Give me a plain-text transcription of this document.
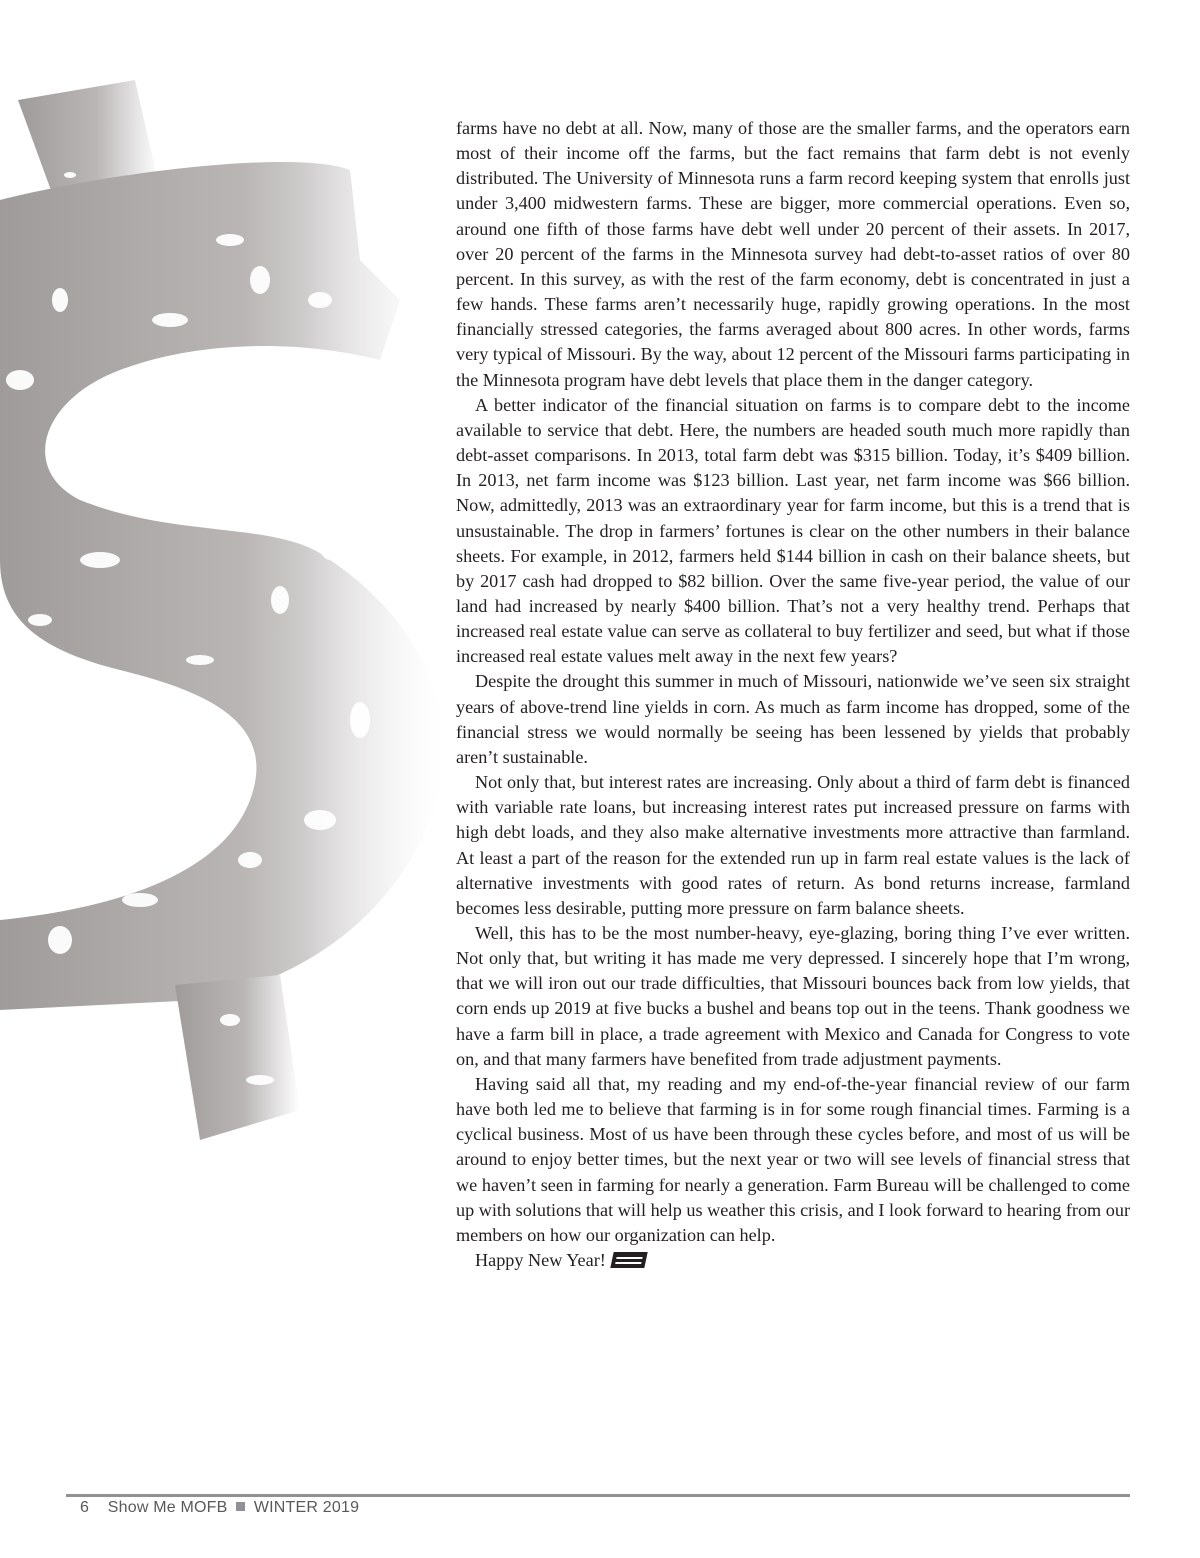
farms have no debt at all. Now, many of those are the smaller farms, and the operators earn most of their income off the farms, but the fact remains that farm debt is not evenly distributed. The University of Minnesota runs a farm record keeping system that enrolls just under 3,400 midwestern farms. These are bigger, more commercial operations. Even so, around one fifth of those farms have debt well under 20 percent of their assets. In 2017, over 20 percent of the farms in the Minnesota survey had debt-to-asset ratios of over 80 percent. In this survey, as with the rest of the farm economy, debt is concentrated in just a few hands. These farms aren’t necessarily huge, rapidly growing operations. In the most financially stressed categories, the farms averaged about 800 acres. In other words, farms very typical of Missouri. By the way, about 12 percent of the Missouri farms participating in the Minnesota program have debt levels that place them in the danger category.

A better indicator of the financial situation on farms is to compare debt to the income available to service that debt. Here, the numbers are headed south much more rapidly than debt-asset comparisons. In 2013, total farm debt was $315 billion. Today, it’s $409 billion. In 2013, net farm income was $123 billion. Last year, net farm income was $66 billion. Now, admittedly, 2013 was an extraordinary year for farm income, but this is a trend that is unsustainable. The drop in farmers’ fortunes is clear on the other numbers in their balance sheets. For example, in 2012, farmers held $144 billion in cash on their balance sheets, but by 2017 cash had dropped to $82 billion. Over the same five-year period, the value of our land had increased by nearly $400 billion. That’s not a very healthy trend. Perhaps that increased real estate value can serve as collateral to buy fertilizer and seed, but what if those increased real estate values melt away in the next few years?

Despite the drought this summer in much of Missouri, nationwide we’ve seen six straight years of above-trend line yields in corn. As much as farm income has dropped, some of the financial stress we would normally be seeing has been lessened by yields that probably aren’t sustainable.

Not only that, but interest rates are increasing. Only about a third of farm debt is financed with variable rate loans, but increasing interest rates put increased pressure on farms with high debt loads, and they also make alternative investments more attractive than farmland. At least a part of the reason for the extended run up in farm real estate values is the lack of alternative investments with good rates of return. As bond returns increase, farmland becomes less desirable, putting more pressure on farm balance sheets.

Well, this has to be the most number-heavy, eye-glazing, boring thing I’ve ever written. Not only that, but writing it has made me very depressed. I sincerely hope that I’m wrong, that we will iron out our trade difficulties, that Missouri bounces back from low yields, that corn ends up 2019 at five bucks a bushel and beans top out in the teens. Thank goodness we have a farm bill in place, a trade agreement with Mexico and Canada for Congress to vote on, and that many farmers have benefited from trade adjustment payments.

Having said all that, my reading and my end-of-the-year financial review of our farm have both led me to believe that farming is in for some rough financial times. Farming is a cyclical business. Most of us have been through these cycles before, and most of us will be around to enjoy better times, but the next year or two will see levels of financial stress that we haven’t seen in farming for nearly a generation. Farm Bureau will be challenged to come up with solutions that will help us weather this crisis, and I look forward to hearing from our members on how our organization can help.

Happy New Year!

6 Show Me MOFB WINTER 2019
